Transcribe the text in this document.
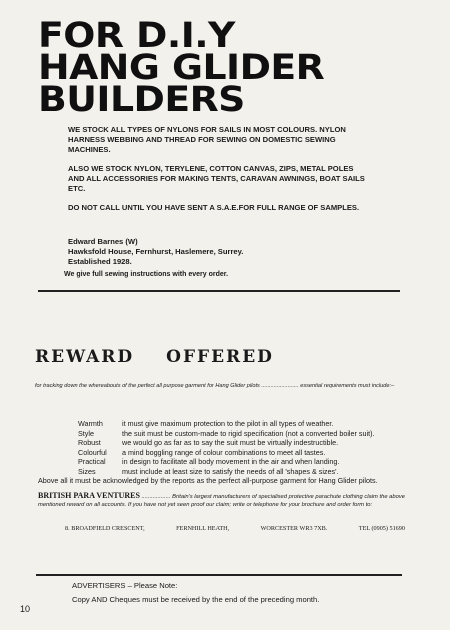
FOR D.I.Y
HANG GLIDER
BUILDERS

WE STOCK ALL TYPES OF NYLONS FOR SAILS IN MOST COLOURS. NYLON HARNESS WEBBING AND THREAD FOR SEWING ON DOMESTIC SEWING MACHINES.

ALSO WE STOCK NYLON, TERYLENE, COTTON CANVAS, ZIPS, METAL POLES AND ALL ACCESSORIES FOR MAKING TENTS, CARAVAN AWNINGS, BOAT SAILS ETC.

DO NOT CALL UNTIL YOU HAVE SENT A S.A.E.FOR FULL RANGE OF SAMPLES.

Edward Barnes (W)
Hawksfold House, Fernhurst, Haslemere, Surrey.
Established 1928.
We give full sewing instructions with every order.
REWARD OFFERED
for tracking down the whereabouts of the perfect all purpose garment for Hang Glider pilots ........................ essential requirements must include:–
Warmth	it must give maximum protection to the pilot in all types of weather.
Style	the suit must be custom-made to rigid specification (not a converted boiler suit).
Robust	we would go as far as to say the suit must be virtually indestructible.
Colourful	a mind boggling range of colour combinations to meet all tastes.
Practical	in design to facilitate all body movement in the air and when landing.
Sizes	must include at least size to satisfy the needs of all 'shapes & sizes'.
Above all it must be acknowledged by the reports as the perfect all-purpose garment for Hang Glider pilots.
BRITISH PARA VENTURES .................. Britain's largest manufacturers of specialised protective parachute clothing claim the above mentioned reward on all accounts. If you have not yet seen proof our claim; write or telephone for your brochure and order form to:
8. BROADFIELD CRESCENT,	FERNHILL HEATH,	WORCESTER WR3 7XB.	TEL (0905) 51690
ADVERTISERS – Please Note:
Copy AND Cheques must be received by the end of the preceding month.
10
